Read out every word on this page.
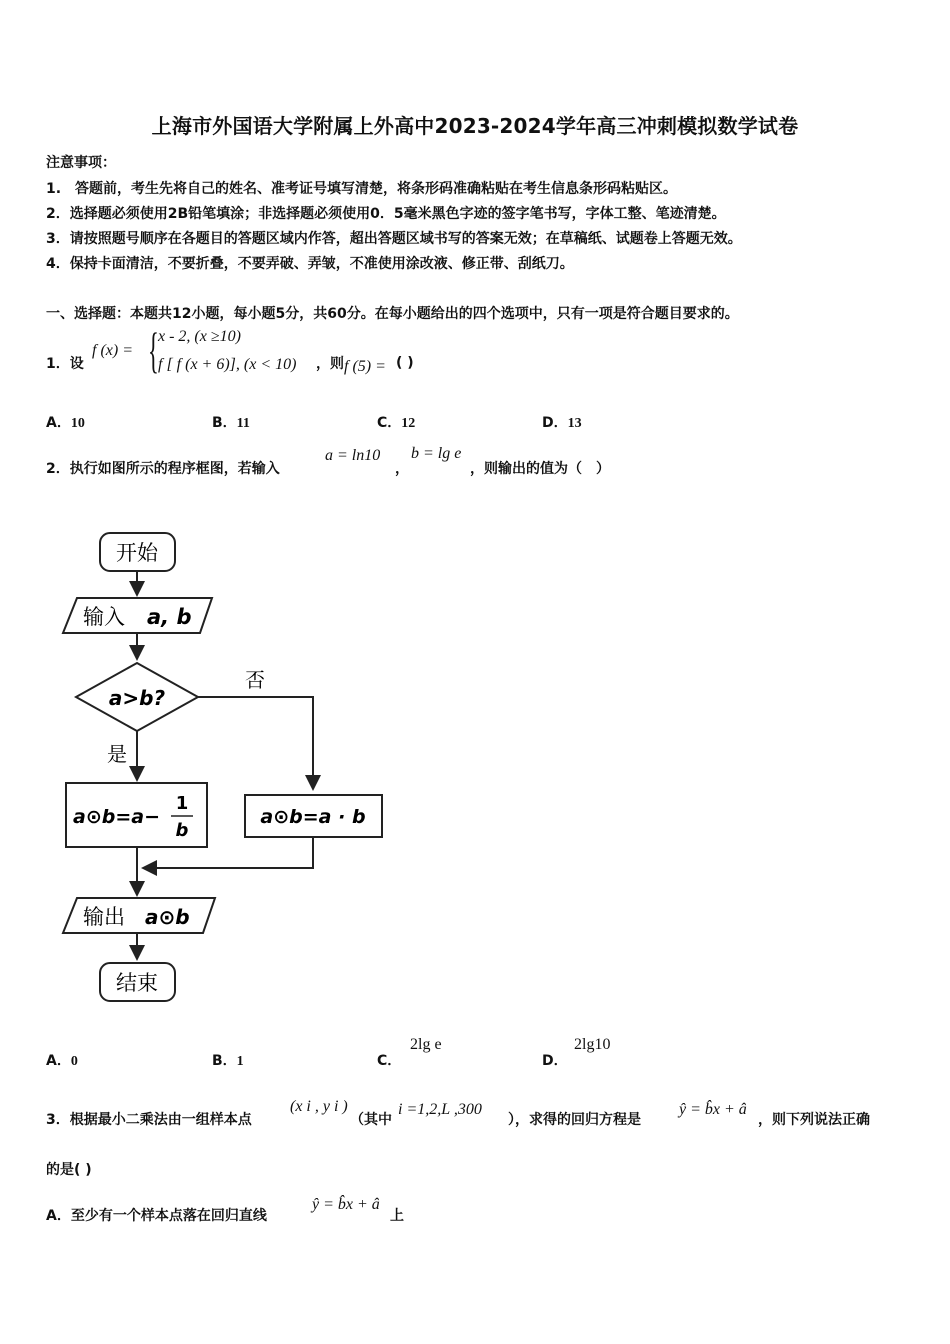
上海市外国语大学附属上外高中2023-2024学年高三冲刺模拟数学试卷
注意事项：
1.　答题前，考生先将自己的姓名、准考证号填写清楚，将条形码准确粘贴在考生信息条形码粘贴区。
2．选择题必须使用2B铅笔填涂；非选择题必须使用0．5毫米黑色字迹的签字笔书写，字体工整、笔迹清楚。
3．请按照题号顺序在各题目的答题区域内作答，超出答题区域书写的答案无效；在草稿纸、试题卷上答题无效。
4．保持卡面清洁，不要折叠，不要弄破、弄皱，不准使用涂改液、修正带、刮纸刀。
一、选择题：本题共12小题，每小题5分，共60分。在每小题给出的四个选项中，只有一项是符合题目要求的。
1．设
f (x) = { x - 2, (x ≥10)
f [ f (x + 6)], (x < 10) ，则 f (5) = ( )
A．10	B．11	C．12	D．13
2．执行如图所示的程序框图，若输入
a = ln10
，
b = lg e
，则输出的值为（　）
开始
输入 a, b
a>b?
否
是
a⊙b=a−
1
b
a⊙b=a · b
输出 a⊙b
结束
A．0	B．1	C．
2lg e
D．
2lg10
3．根据最小二乘法由一组样本点
(x i , y i )
（其中
i =1,2,L ,300
），求得的回归方程是
ŷ = b̂x + â
，则下列说法正确
的是( )
A．至少有一个样本点落在回归直线
ŷ = b̂x + â
上
